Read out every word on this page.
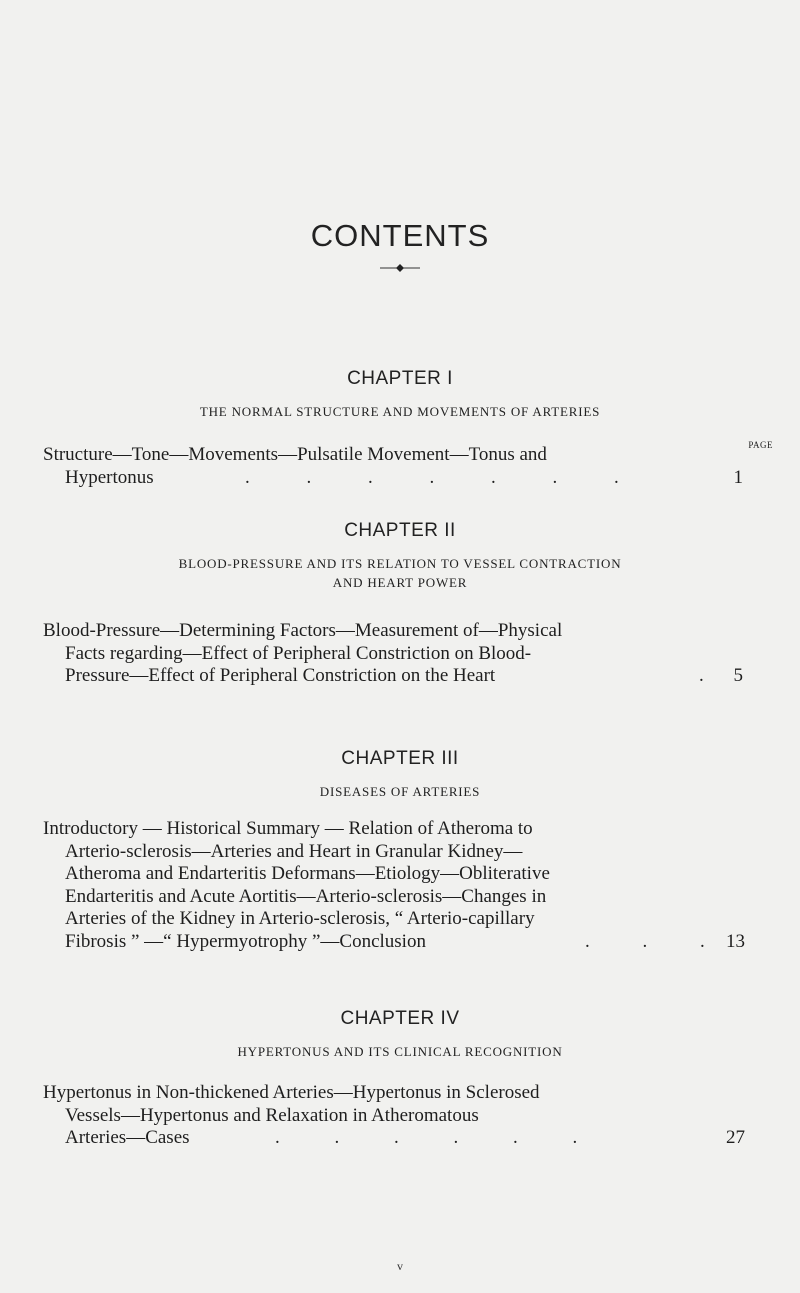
CONTENTS
CHAPTER I
THE NORMAL STRUCTURE AND MOVEMENTS OF ARTERIES
PAGE
Structure—Tone—Movements—Pulsatile Movement—Tonus and
Hypertonus	. . . . . . .	1
CHAPTER II
BLOOD-PRESSURE AND ITS RELATION TO VESSEL CONTRACTION
AND HEART POWER
Blood-Pressure—Determining Factors—Measurement of—Physical
Facts regarding—Effect of Peripheral Constriction on Blood-
Pressure—Effect of Peripheral Constriction on the Heart	. 5
CHAPTER III
DISEASES OF ARTERIES
Introductory — Historical Summary — Relation of Atheroma to
Arterio-sclerosis—Arteries and Heart in Granular Kidney—
Atheroma and Endarteritis Deformans—Etiology—Obliterative
Endarteritis and Acute Aortitis—Arterio-sclerosis—Changes in
Arteries of the Kidney in Arterio-sclerosis, “ Arterio-capillary
Fibrosis ” —“ Hypermyotrophy ”—Conclusion	. . . 13
CHAPTER IV
HYPERTONUS AND ITS CLINICAL RECOGNITION
Hypertonus in Non-thickened Arteries—Hypertonus in Sclerosed
Vessels—Hypertonus and Relaxation in Atheromatous
Arteries—Cases	. . . . . .	27
v
